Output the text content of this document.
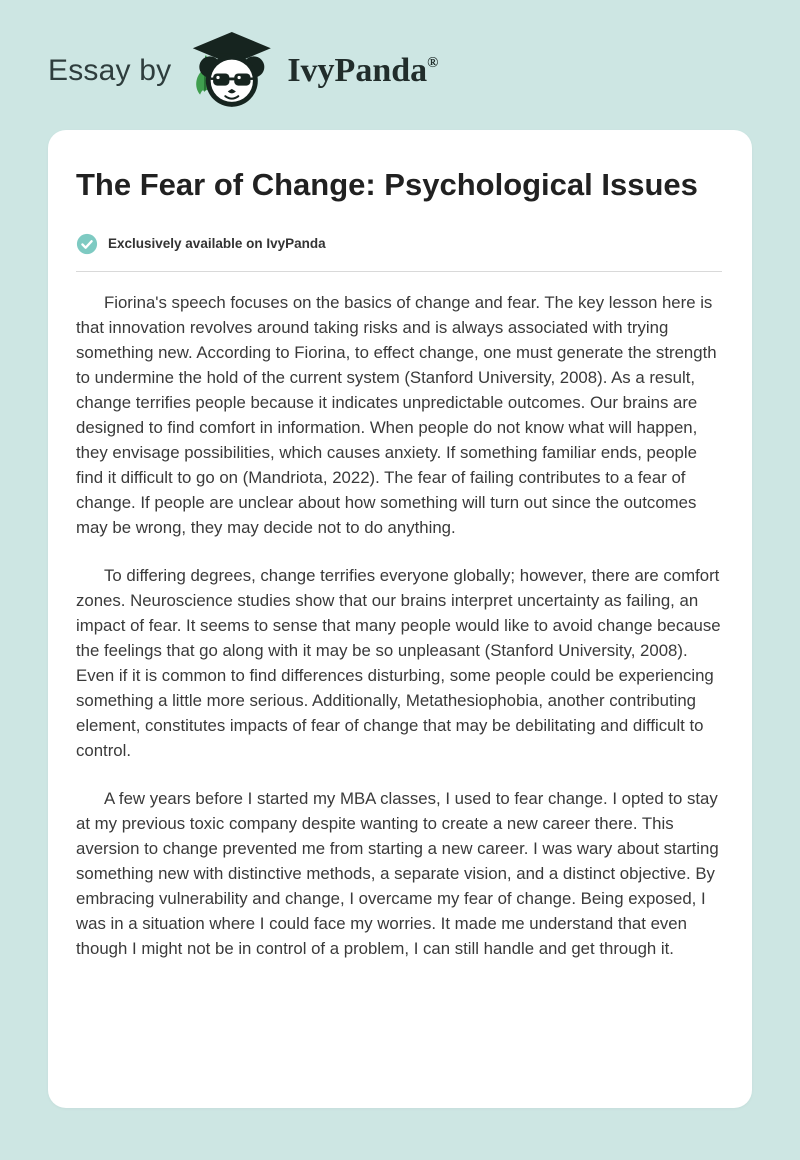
Essay by	IvyPanda®
The Fear of Change: Psychological Issues
Exclusively available on IvyPanda

Fiorina's speech focuses on the basics of change and fear. The key lesson here is that innovation revolves around taking risks and is always associated with trying something new. According to Fiorina, to effect change, one must generate the strength to undermine the hold of the current system (Stanford University, 2008). As a result, change terrifies people because it indicates unpredictable outcomes. Our brains are designed to find comfort in information. When people do not know what will happen, they envisage possibilities, which causes anxiety. If something familiar ends, people find it difficult to go on (Mandriota, 2022). The fear of failing contributes to a fear of change. If people are unclear about how something will turn out since the outcomes may be wrong, they may decide not to do anything.

To differing degrees, change terrifies everyone globally; however, there are comfort zones. Neuroscience studies show that our brains interpret uncertainty as failing, an impact of fear. It seems to sense that many people would like to avoid change because the feelings that go along with it may be so unpleasant (Stanford University, 2008). Even if it is common to find differences disturbing, some people could be experiencing something a little more serious. Additionally, Metathesiophobia, another contributing element, constitutes impacts of fear of change that may be debilitating and difficult to control.

A few years before I started my MBA classes, I used to fear change. I opted to stay at my previous toxic company despite wanting to create a new career there. This aversion to change prevented me from starting a new career. I was wary about starting something new with distinctive methods, a separate vision, and a distinct objective. By embracing vulnerability and change, I overcame my fear of change. Being exposed, I was in a situation where I could face my worries. It made me understand that even though I might not be in control of a problem, I can still handle and get through it.
